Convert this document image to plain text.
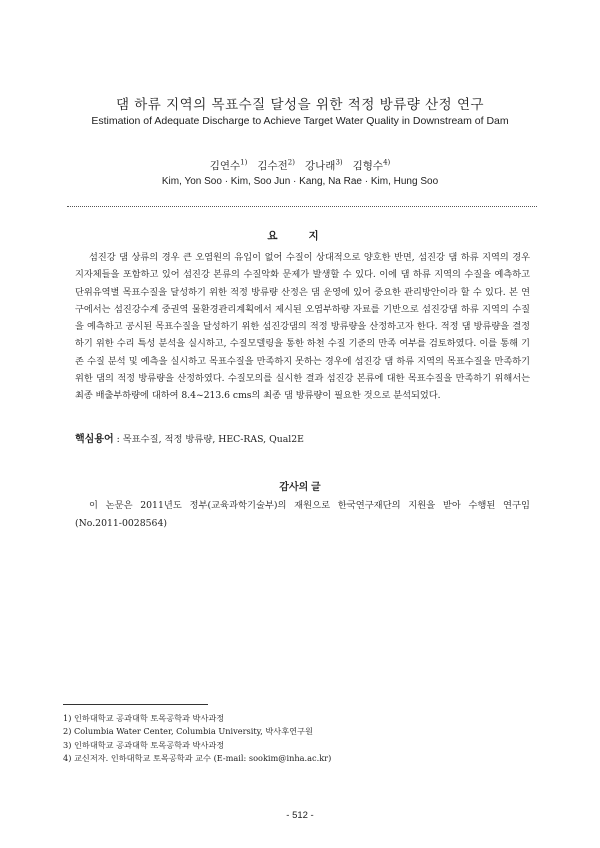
댐 하류 지역의 목표수질 달성을 위한 적정 방류량 산정 연구
Estimation of Adequate Discharge to Achieve Target Water Quality in Downstream of Dam
김연수$^{1)}$ 김수전$^{2)}$ 강나래$^{3)}$ 김형수$^{4)}$
Kim, Yon Soo · Kim, Soo Jun · Kang, Na Rae · Kim, Hung Soo
요 지
섬진강 댐 상류의 경우 큰 오염원의 유입이 없어 수질이 상대적으로 양호한 반면, 섬진강 댐 하류 지역의 경우 지자체들을 포함하고 있어 섬진강 본류의 수질악화 문제가 발생할 수 있다. 이에 댐 하류 지역의 수질을 예측하고 단위유역별 목표수질을 달성하기 위한 적정 방류량 산정은 댐 운영에 있어 중요한 관리방안이라 할 수 있다. 본 연구에서는 섬진강수계 중권역 물환경관리계획에서 제시된 오염부하량 자료를 기반으로 섬진강댐 하류 지역의 수질을 예측하고 공시된 목표수질을 달성하기 위한 섬진강댐의 적정 방류량을 산정하고자 한다. 적정 댐 방류량을 결정하기 위한 수리 특성 분석을 실시하고, 수질모델링을 통한 하천 수질 기준의 만족 여부를 검토하였다. 이를 통해 기존 수질 분석 및 예측을 실시하고 목표수질을 만족하지 못하는 경우에 섬진강 댐 하류 지역의 목표수질을 만족하기 위한 댐의 적정 방류량을 산정하였다. 수질모의를 실시한 결과 섬진강 본류에 대한 목표수질을 만족하기 위해서는 최종 배출부하량에 대하여 8.4~213.6 cms의 최종 댐 방류량이 필요한 것으로 분석되었다.
핵심용어 : 목표수질, 적정 방류량, HEC-RAS, Qual2E
감사의 글
이 논문은 2011년도 정부(교육과학기술부)의 재원으로 한국연구재단의 지원을 받아 수행된 연구임 (No.2011-0028564)
1) 인하대학교 공과대학 토목공학과 박사과정
2) Columbia Water Center, Columbia University, 박사후연구원
3) 인하대학교 공과대학 토목공학과 박사과정
4) 교신저자. 인하대학교 토목공학과 교수 (E-mail: sookim@inha.ac.kr)
- 512 -
